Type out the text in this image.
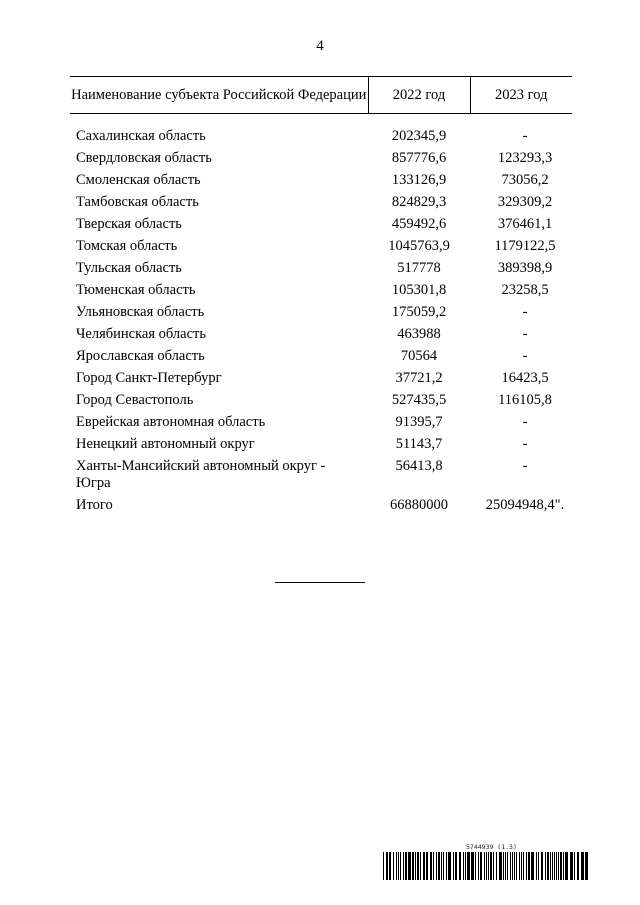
4
Наименование субъекта Российской Федерации	2022 год	2023 год

Сахалинская область	202345,9	-
Свердловская область	857776,6	123293,3
Смоленская область	133126,9	73056,2
Тамбовская область	824829,3	329309,2
Тверская область	459492,6	376461,1
Томская область	1045763,9	1179122,5
Тульская область	517778	389398,9
Тюменская область	105301,8	23258,5
Ульяновская область	175059,2	-
Челябинская область	463988	-
Ярославская область	70564	-
Город Санкт-Петербург	37721,2	16423,5
Город Севастополь	527435,5	116105,8
Еврейская автономная область	91395,7	-
Ненецкий автономный округ	51143,7	-
Ханты-Мансийский автономный округ - Югра	56413,8	-
Итого	66880000	25094948,4".
5744939 (1.3)
